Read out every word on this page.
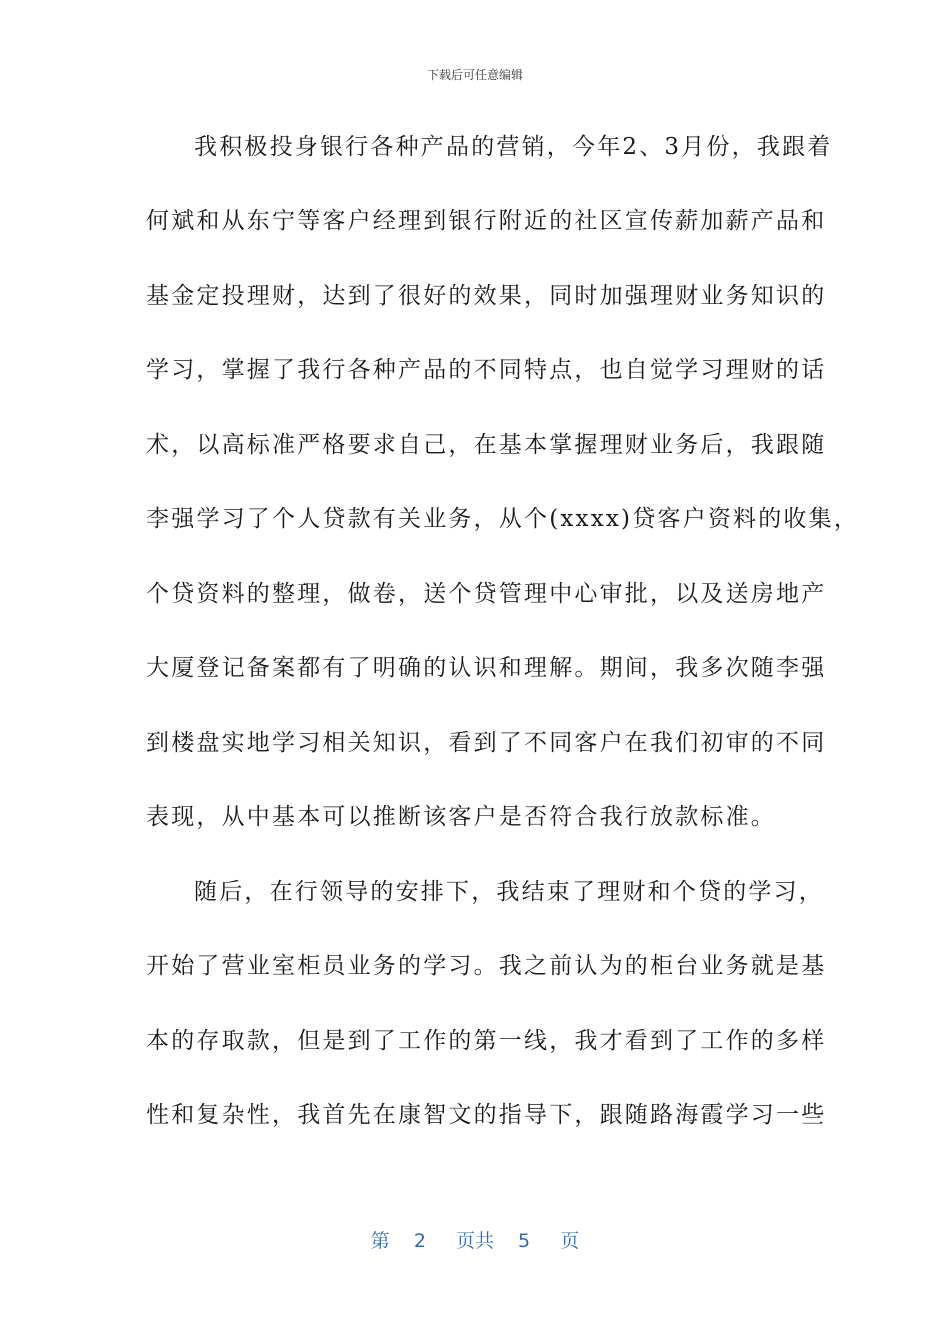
下载后可任意编辑
我积极投身银行各种产品的营销，今年2、3月份，我跟着
何斌和从东宁等客户经理到银行附近的社区宣传薪加薪产品和
基金定投理财，达到了很好的效果，同时加强理财业务知识的
学习，掌握了我行各种产品的不同特点，也自觉学习理财的话
术，以高标准严格要求自己，在基本掌握理财业务后，我跟随
李强学习了个人贷款有关业务，从个(xxxx)贷客户资料的收集，
个贷资料的整理，做卷，送个贷管理中心审批，以及送房地产
大厦登记备案都有了明确的认识和理解。期间，我多次随李强
到楼盘实地学习相关知识，看到了不同客户在我们初审的不同
表现，从中基本可以推断该客户是否符合我行放款标准。
随后，在行领导的安排下，我结束了理财和个贷的学习，
开始了营业室柜员业务的学习。我之前认为的柜台业务就是基
本的存取款，但是到了工作的第一线，我才看到了工作的多样
性和复杂性，我首先在康智文的指导下，跟随路海霞学习一些
第 2 页共 5 页
